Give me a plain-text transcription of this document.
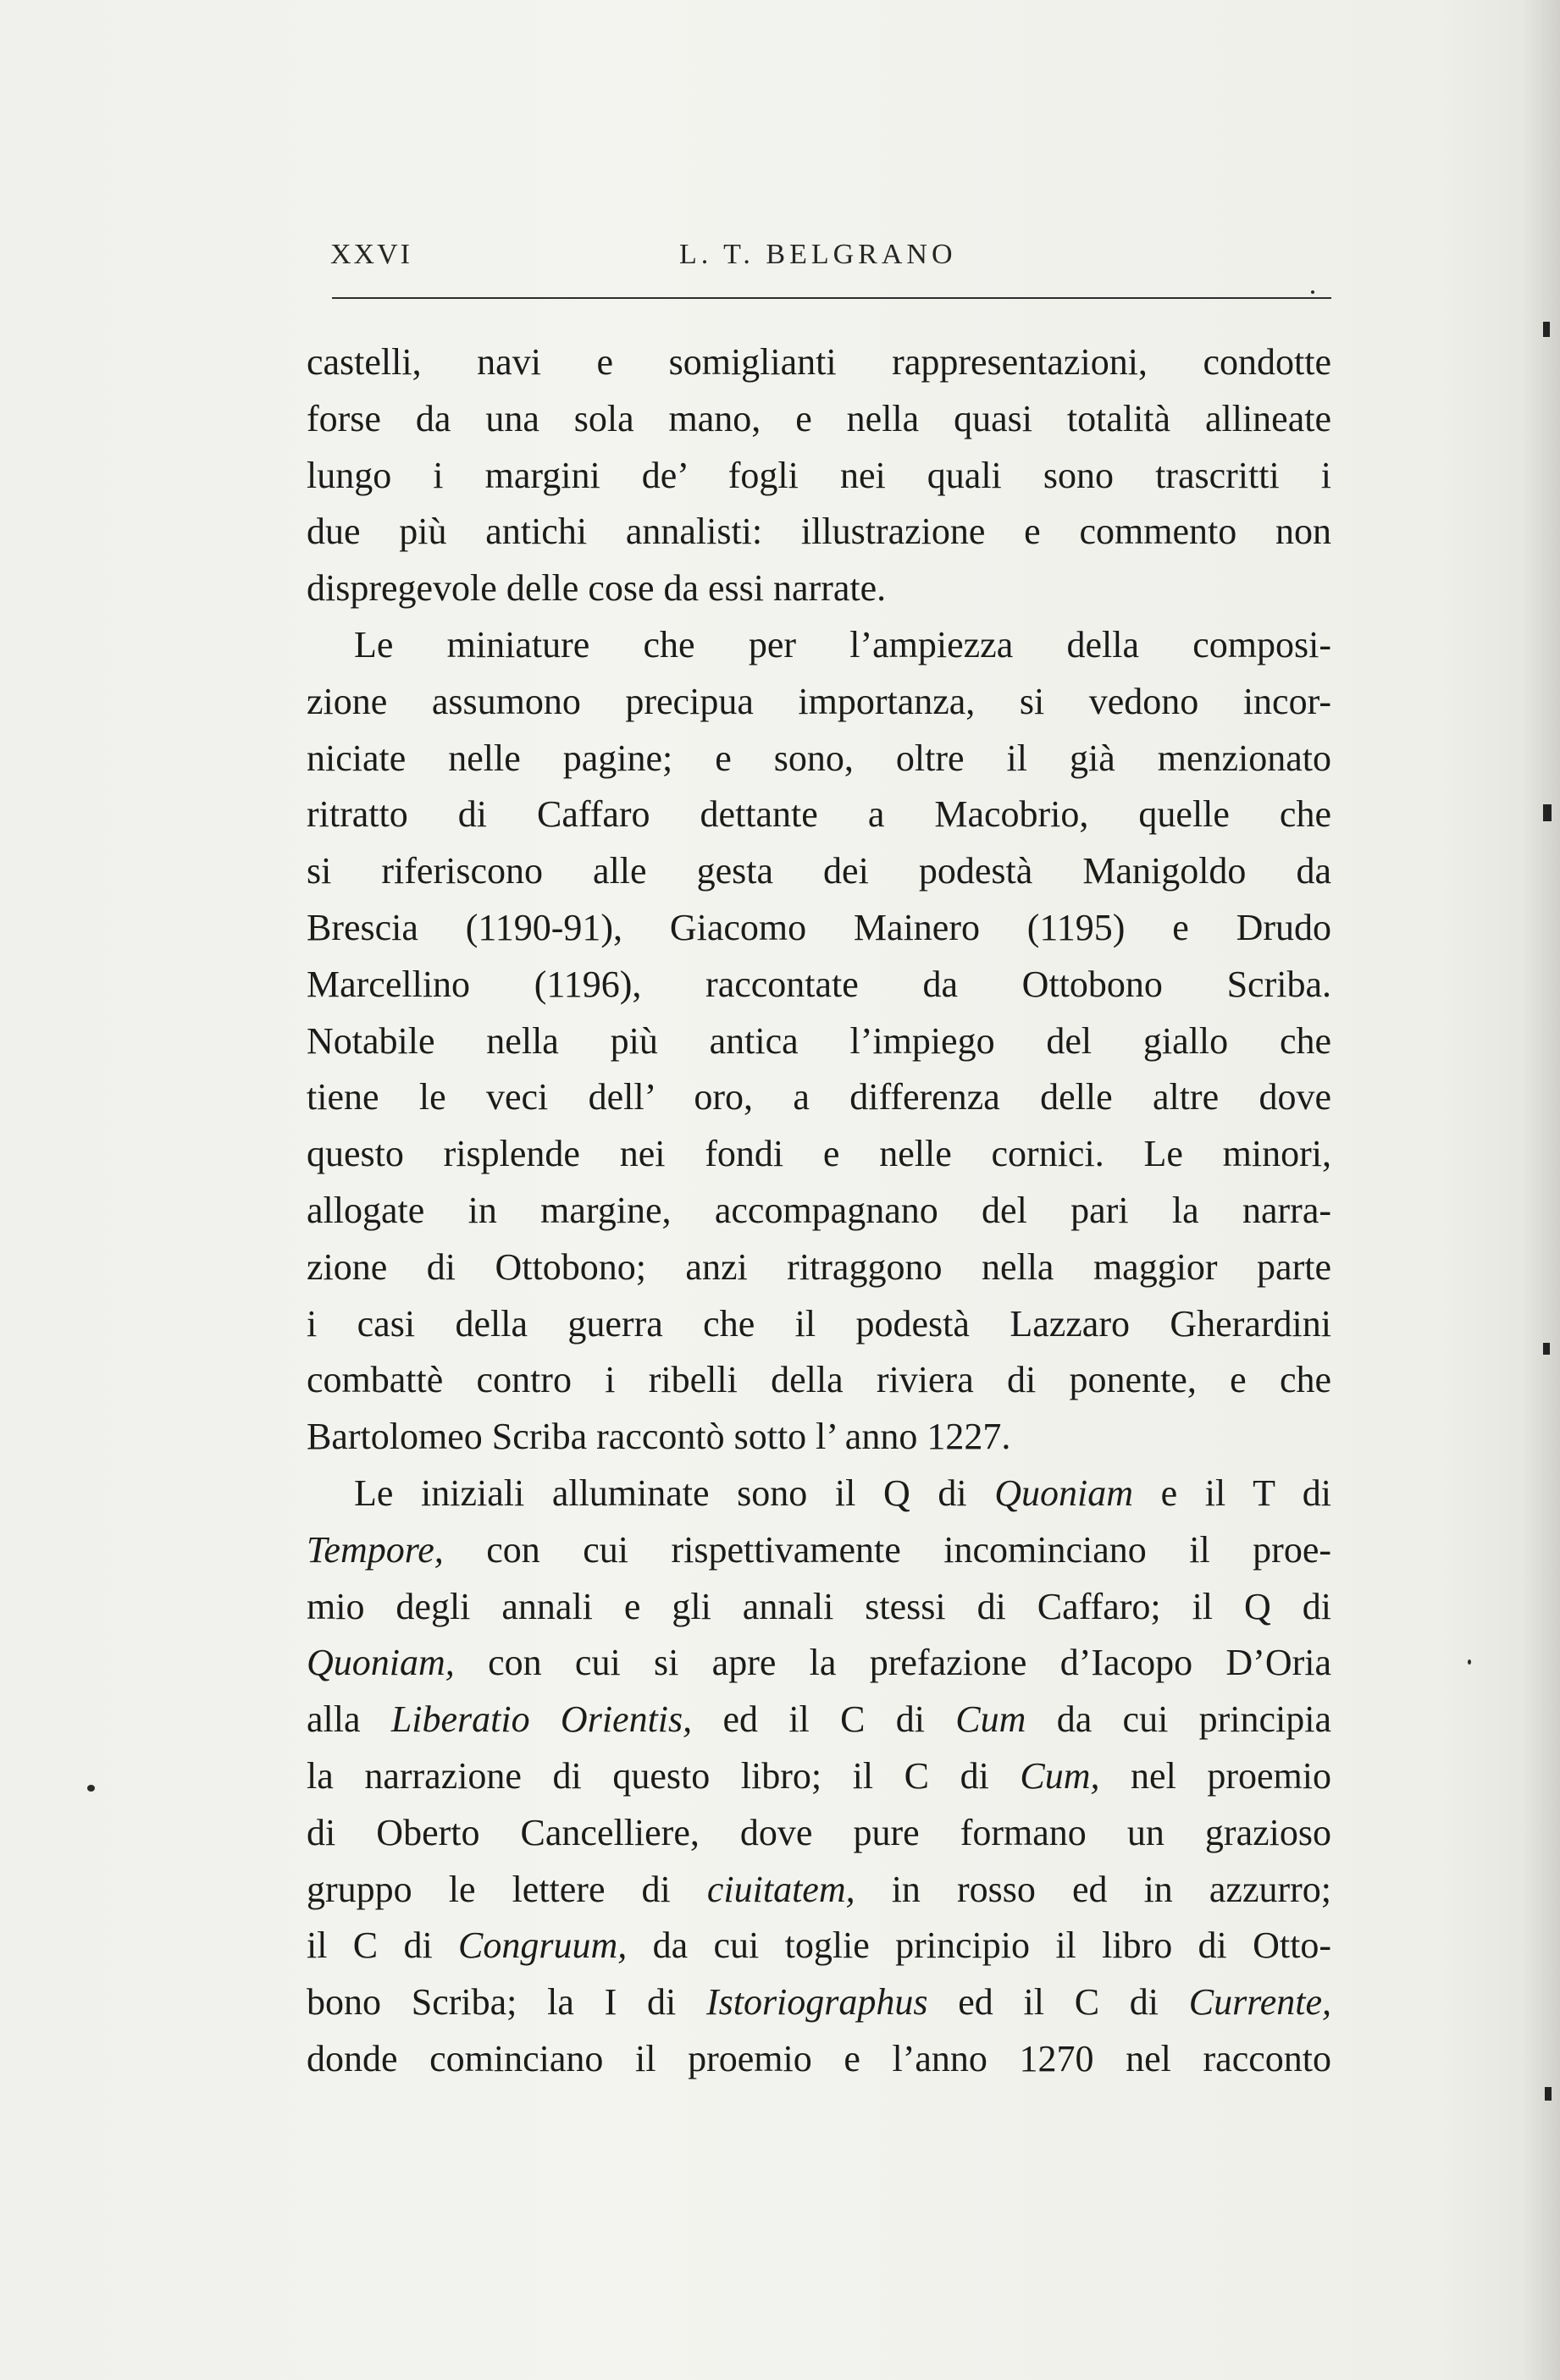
XXVI	L. T. BELGRANO
castelli, navi e somiglianti rappresentazioni, condotte
forse da una sola mano, e nella quasi totalità allineate
lungo i margini de’ fogli nei quali sono trascritti i
due più antichi annalisti: illustrazione e commento non
dispregevole delle cose da essi narrate.
Le miniature che per l’ampiezza della composi-
zione assumono precipua importanza, si vedono incor-
niciate nelle pagine; e sono, oltre il già menzionato
ritratto di Caffaro dettante a Macobrio, quelle che
si riferiscono alle gesta dei podestà Manigoldo da
Brescia (1190-91), Giacomo Mainero (1195) e Drudo
Marcellino (1196), raccontate da Ottobono Scriba.
Notabile nella più antica l’impiego del giallo che
tiene le veci dell’ oro, a differenza delle altre dove
questo risplende nei fondi e nelle cornici. Le minori,
allogate in margine, accompagnano del pari la narra-
zione di Ottobono; anzi ritraggono nella maggior parte
i casi della guerra che il podestà Lazzaro Gherardini
combattè contro i ribelli della riviera di ponente, e che
Bartolomeo Scriba raccontò sotto l’ anno 1227.
Le iniziali alluminate sono il Q di Quoniam e il T di
Tempore, con cui rispettivamente incominciano il proe-
mio degli annali e gli annali stessi di Caffaro; il Q di
Quoniam, con cui si apre la prefazione d’Iacopo D’Oria
alla Liberatio Orientis, ed il C di Cum da cui principia
la narrazione di questo libro; il C di Cum, nel proemio
di Oberto Cancelliere, dove pure formano un grazioso
gruppo le lettere di ciuitatem, in rosso ed in azzurro;
il C di Congruum, da cui toglie principio il libro di Otto-
bono Scriba; la I di Istoriographus ed il C di Currente,
donde cominciano il proemio e l’anno 1270 nel racconto
